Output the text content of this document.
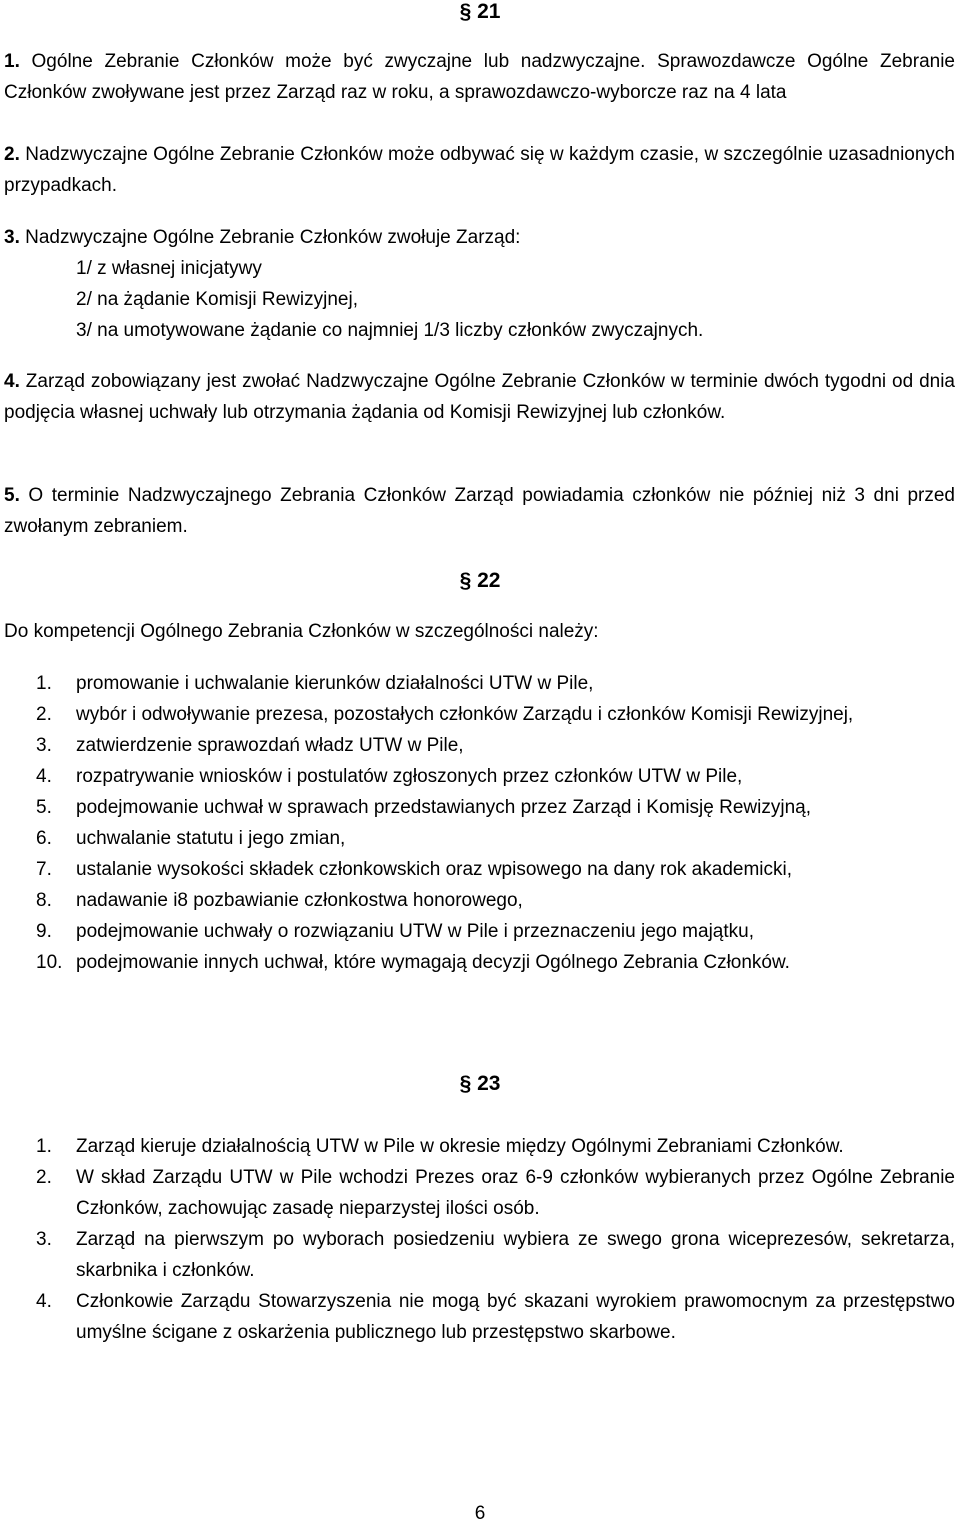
§ 21
1. Ogólne Zebranie Członków może być zwyczajne lub nadzwyczajne. Sprawozdawcze Ogólne Zebranie Członków zwoływane jest przez Zarząd raz w roku, a sprawozdawczo-wyborcze raz na 4 lata
2. Nadzwyczajne Ogólne Zebranie Członków może odbywać się w każdym czasie, w szczególnie uzasadnionych przypadkach.

3. Nadzwyczajne Ogólne Zebranie Członków zwołuje Zarząd:

1/ z własnej inicjatywy

2/ na żądanie Komisji Rewizyjnej,

3/ na umotywowane żądanie co najmniej 1/3 liczby członków zwyczajnych.

4. Zarząd zobowiązany jest zwołać Nadzwyczajne Ogólne Zebranie Członków w terminie dwóch tygodni od dnia podjęcia własnej uchwały lub otrzymania żądania od Komisji Rewizyjnej lub członków.
5. O terminie Nadzwyczajnego Zebrania Członków Zarząd powiadamia członków nie później niż 3 dni przed zwołanym zebraniem.
§ 22
Do kompetencji Ogólnego Zebrania Członków w szczególności należy:
1.	promowanie i uchwalanie kierunków działalności UTW w Pile,
2.	wybór i odwoływanie prezesa, pozostałych członków Zarządu i członków Komisji Rewizyjnej,
3.	zatwierdzenie sprawozdań władz UTW w Pile,
4.	rozpatrywanie wniosków i postulatów zgłoszonych przez członków UTW w Pile,
5.	podejmowanie uchwał w sprawach przedstawianych przez Zarząd i Komisję Rewizyjną,
6.	uchwalanie statutu i jego zmian,
7.	ustalanie wysokości składek członkowskich oraz wpisowego na dany rok akademicki,
8.	nadawanie i8 pozbawianie członkostwa honorowego,
9.	podejmowanie uchwały o rozwiązaniu UTW w Pile i przeznaczeniu jego majątku,
10. podejmowanie innych uchwał, które wymagają decyzji Ogólnego Zebrania Członków.
§ 23
1.	Zarząd kieruje działalnością UTW w Pile w okresie między Ogólnymi Zebraniami Członków.
2.	W skład Zarządu UTW w Pile wchodzi Prezes oraz 6-9 członków wybieranych przez Ogólne Zebranie Członków, zachowując zasadę nieparzystej ilości osób.
3.	Zarząd na pierwszym po wyborach posiedzeniu wybiera ze swego grona wiceprezesów, sekretarza, skarbnika i członków.
4.	Członkowie Zarządu Stowarzyszenia nie mogą być skazani wyrokiem prawomocnym za przestępstwo umyślne ścigane z oskarżenia publicznego lub przestępstwo skarbowe.
6
